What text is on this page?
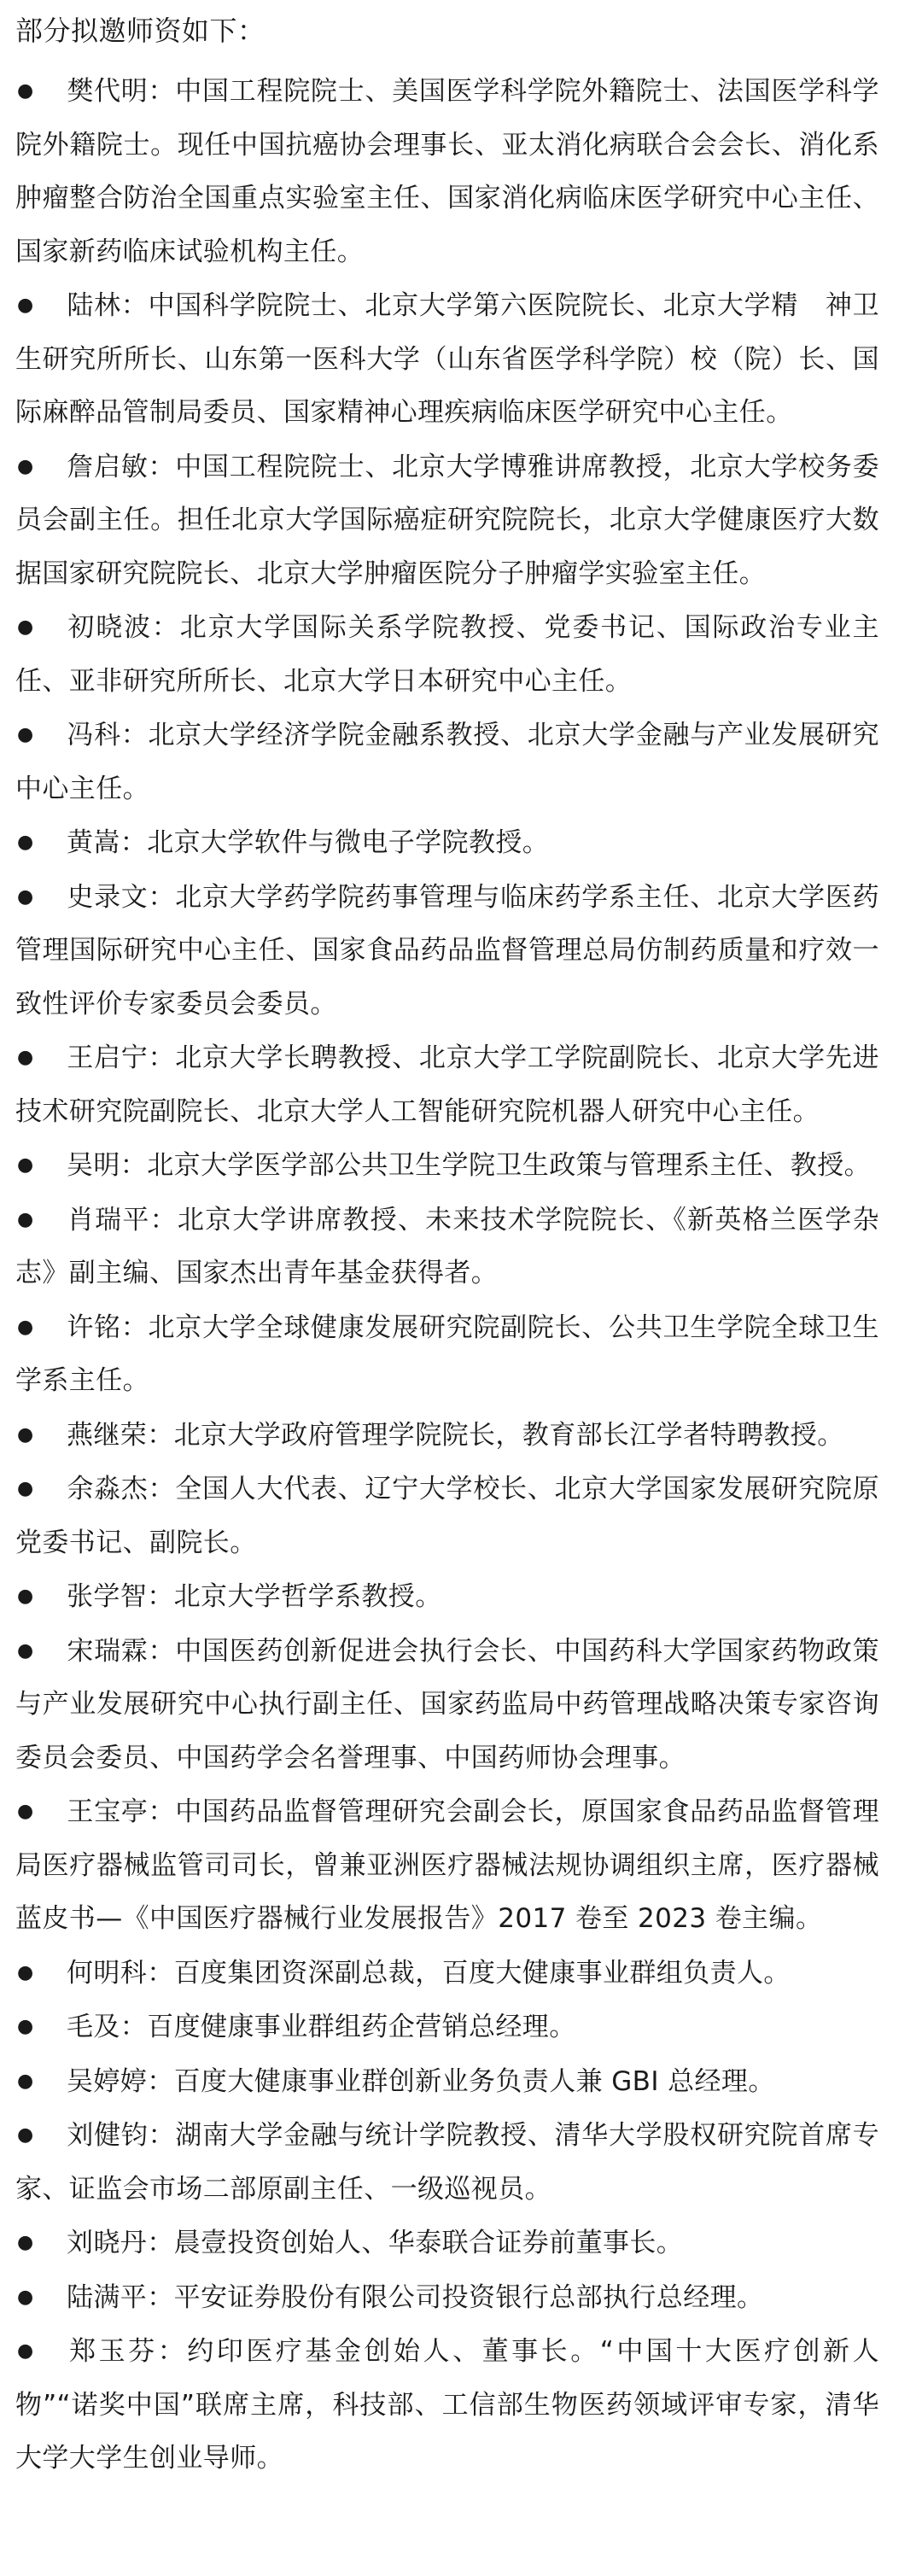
部分拟邀师资如下：
● 樊代明：中国工程院院士、美国医学科学院外籍院士、法国医学科学院外籍院士。现任中国抗癌协会理事长、亚太消化病联合会会长、消化系肿瘤整合防治全国重点实验室主任、国家消化病临床医学研究中心主任、国家新药临床试验机构主任。
● 陆林：中国科学院院士、北京大学第六医院院长、北京大学精　神卫生研究所所长、山东第一医科大学（山东省医学科学院）校（院）长、国际麻醉品管制局委员、国家精神心理疾病临床医学研究中心主任。
● 詹启敏：中国工程院院士、北京大学博雅讲席教授，北京大学校务委员会副主任。担任北京大学国际癌症研究院院长，北京大学健康医疗大数据国家研究院院长、北京大学肿瘤医院分子肿瘤学实验室主任。
● 初晓波：北京大学国际关系学院教授、党委书记、国际政治专业主任、亚非研究所所长、北京大学日本研究中心主任。
● 冯科：北京大学经济学院金融系教授、北京大学金融与产业发展研究中心主任。
● 黄嵩：北京大学软件与微电子学院教授。
● 史录文：北京大学药学院药事管理与临床药学系主任、北京大学医药管理国际研究中心主任、国家食品药品监督管理总局仿制药质量和疗效一致性评价专家委员会委员。
● 王启宁：北京大学长聘教授、北京大学工学院副院长、北京大学先进技术研究院副院长、北京大学人工智能研究院机器人研究中心主任。
● 吴明：北京大学医学部公共卫生学院卫生政策与管理系主任、教授。
● 肖瑞平：北京大学讲席教授、未来技术学院院长、《新英格兰医学杂志》副主编、国家杰出青年基金获得者。
● 许铭：北京大学全球健康发展研究院副院长、公共卫生学院全球卫生学系主任。
● 燕继荣：北京大学政府管理学院院长，教育部长江学者特聘教授。
● 余淼杰：全国人大代表、辽宁大学校长、北京大学国家发展研究院原党委书记、副院长。
● 张学智：北京大学哲学系教授。
● 宋瑞霖：中国医药创新促进会执行会长、中国药科大学国家药物政策与产业发展研究中心执行副主任、国家药监局中药管理战略决策专家咨询委员会委员、中国药学会名誉理事、中国药师协会理事。
● 王宝亭：中国药品监督管理研究会副会长，原国家食品药品监督管理局医疗器械监管司司长，曾兼亚洲医疗器械法规协调组织主席，医疗器械蓝皮书—《中国医疗器械行业发展报告》2017 卷至 2023 卷主编。
● 何明科：百度集团资深副总裁，百度大健康事业群组负责人。
● 毛及：百度健康事业群组药企营销总经理。
● 吴婷婷：百度大健康事业群创新业务负责人兼 GBI 总经理。
● 刘健钧：湖南大学金融与统计学院教授、清华大学股权研究院首席专家、证监会市场二部原副主任、一级巡视员。
● 刘晓丹：晨壹投资创始人、华泰联合证券前董事长。
● 陆满平：平安证券股份有限公司投资银行总部执行总经理。
● 郑玉芬：约印医疗基金创始人、董事长。“中国十大医疗创新人物”“诺奖中国”联席主席，科技部、工信部生物医药领域评审专家，清华大学大学生创业导师。
